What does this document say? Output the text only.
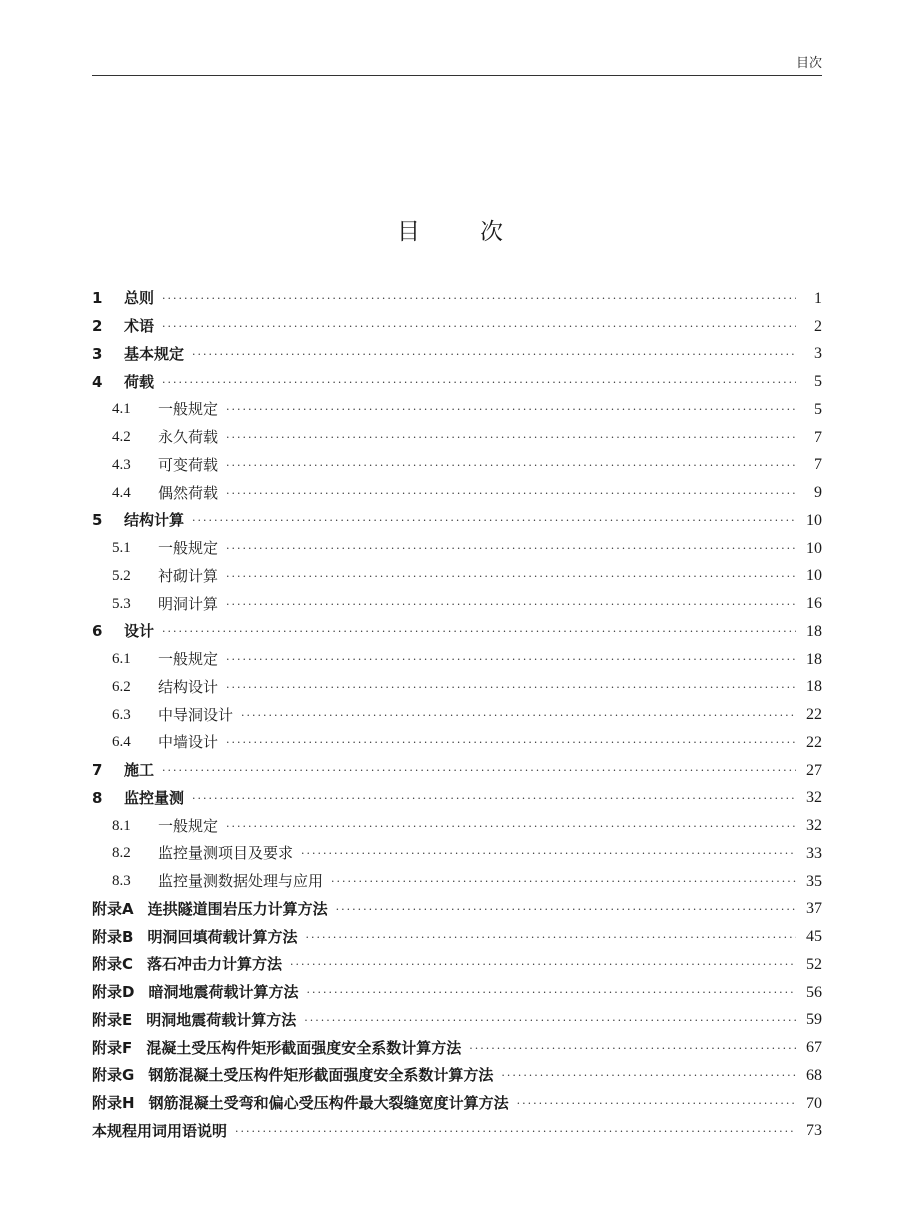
目次
目次
1	总则 ·····	1
2	术语 ·····	2
3	基本规定 ·····	3
4	荷载 ·····	5
4.1	一般规定 ·····	5
4.2	永久荷载 ·····	7
4.3	可变荷载 ·····	7
4.4	偶然荷载 ·····	9
5	结构计算 ·····	10
5.1	一般规定 ·····	10
5.2	衬砌计算 ·····	10
5.3	明洞计算 ·····	16
6	设计 ·····	18
6.1	一般规定 ·····	18
6.2	结构设计 ·····	18
6.3	中导洞设计 ·····	22
6.4	中墙设计 ·····	22
7	施工 ·····	27
8	监控量测 ·····	32
8.1	一般规定 ·····	32
8.2	监控量测项目及要求 ·····	33
8.3	监控量测数据处理与应用 ·····	35
附录A 连拱隧道围岩压力计算方法 ·····	37
附录B 明洞回填荷载计算方法 ·····	45
附录C 落石冲击力计算方法 ·····	52
附录D 暗洞地震荷载计算方法 ·····	56
附录E 明洞地震荷载计算方法 ·····	59
附录F 混凝土受压构件矩形截面强度安全系数计算方法 ·····	67
附录G 钢筋混凝土受压构件矩形截面强度安全系数计算方法 ·····	68
附录H 钢筋混凝土受弯和偏心受压构件最大裂缝宽度计算方法 ·····	70
本规程用词用语说明 ·····	73
